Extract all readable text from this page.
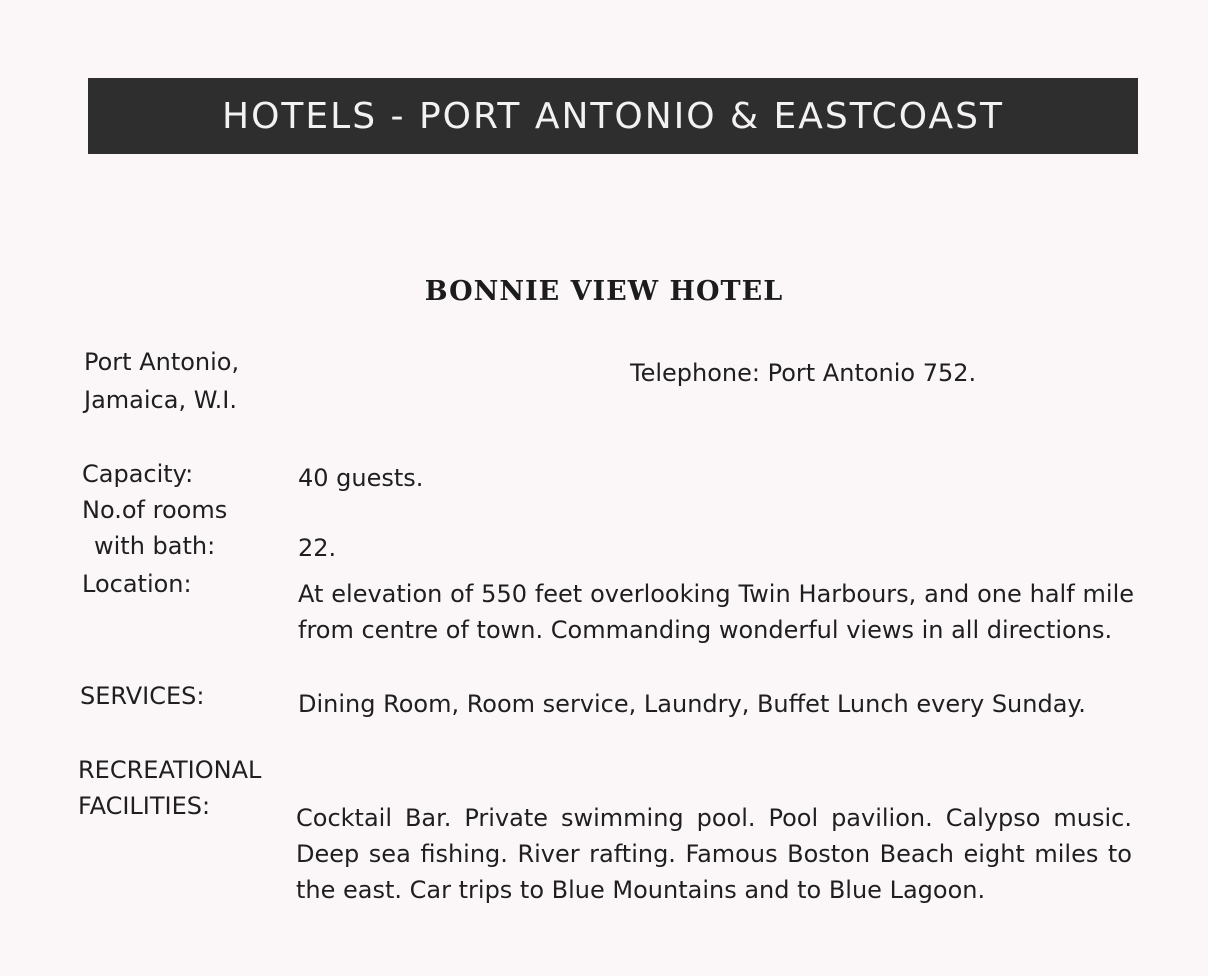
HOTELS - PORT ANTONIO & EASTCOAST
BONNIE VIEW HOTEL
Port Antonio,
Jamaica, W.I.
Telephone: Port Antonio 752.
Capacity:	40 guests.
No.of rooms
with bath:	22.
Location:	At elevation of 550 feet overlooking Twin Harbours, and one half mile from centre of town. Commanding wonderful views in all directions.
SERVICES:	Dining Room, Room service, Laundry, Buffet Lunch every Sunday.
RECREATIONAL
FACILITIES:	Cocktail Bar. Private swimming pool. Pool pavilion. Calypso music. Deep sea fishing. River rafting. Famous Boston Beach eight miles to the east. Car trips to Blue Mountains and to Blue Lagoon.
